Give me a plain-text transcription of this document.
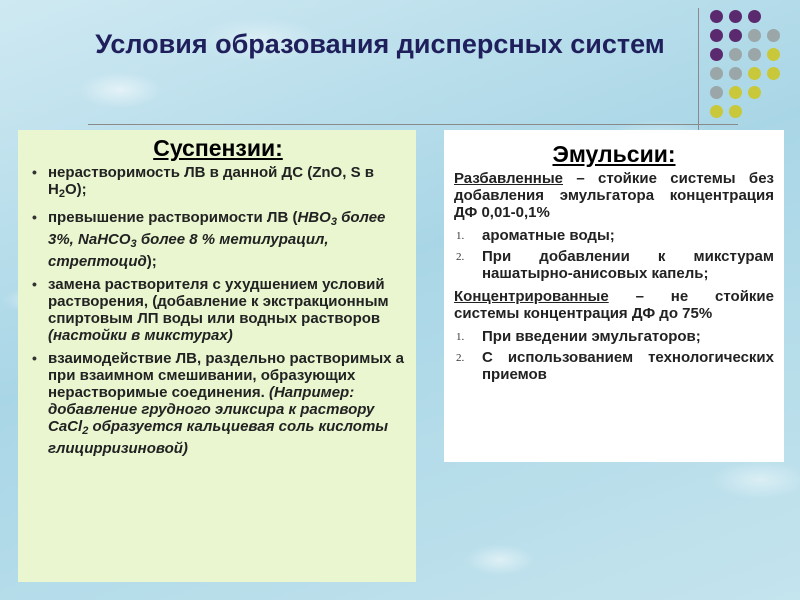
Условия образования дисперсных систем
Суспензии:
• нерастворимость ЛВ в данной ДС (ZnO, S в $H_2O$);
• превышение растворимости ЛВ ($HBO_3$ более 3%, NaHCO$_3$ более 8 % метилурацил, стрептоцид);
• замена растворителя с ухудшением условий растворения, (добавление к экстракционным спиртовым ЛП воды или водных растворов (настойки в микстурах)
• взаимодействие ЛВ, раздельно растворимых а при взаимном смешивании, образующих нерастворимые соединения. (Например: добавление грудного эликсира к раствору CaCl$_2$ образуется кальциевая соль кислоты глицирризиновой)
Эмульсии:
Разбавленные – стойкие системы без добавления эмульгатора концентрация ДФ 0,01-0,1%
1. ароматные воды;
2. При добавлении к микстурам нашатырно-анисовых капель;
Концентрированные – не стойкие системы концентрация ДФ до 75%
1. При введении эмульгаторов;
2. С использованием технологических приемов
